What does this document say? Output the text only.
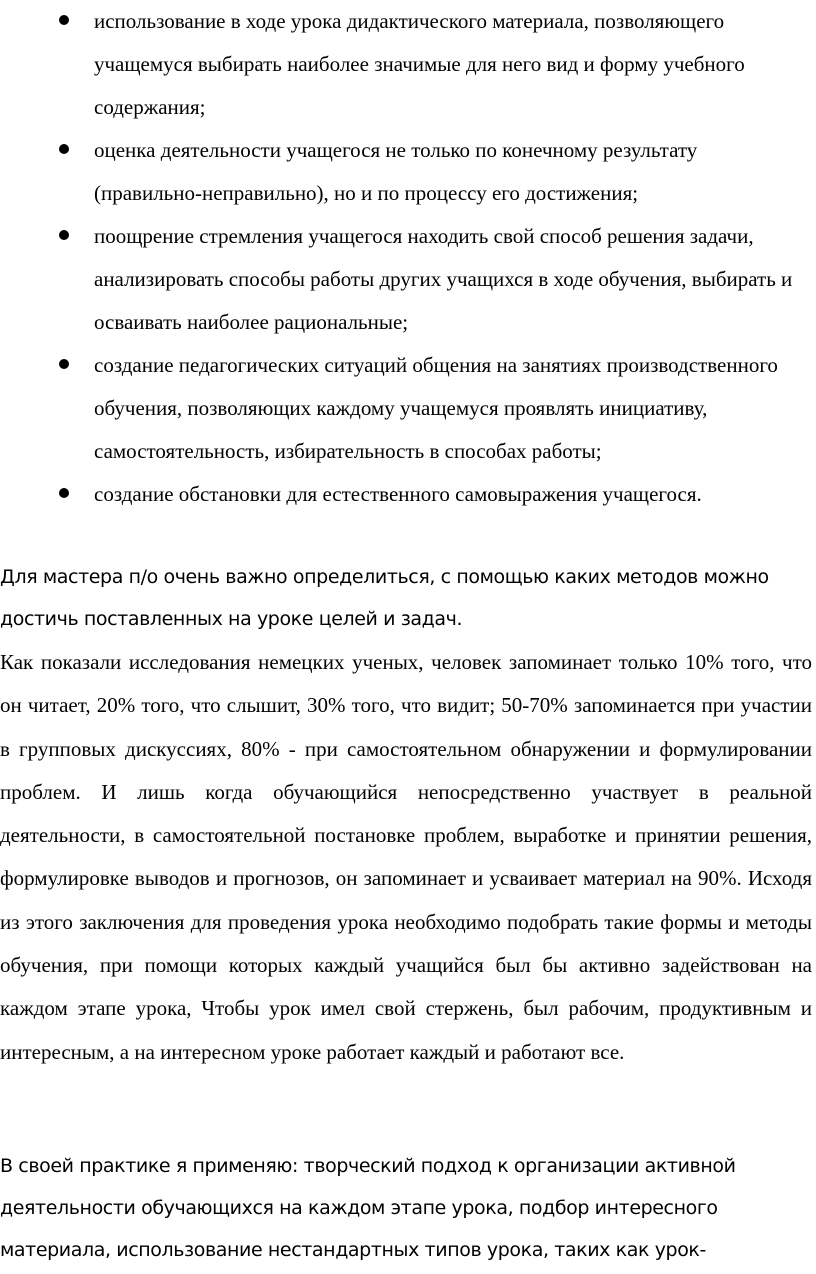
использование в ходе урока дидактического материала, позволяющего учащемуся выбирать наиболее значимые для него вид и форму учебного содержания;
оценка деятельности учащегося не только по конечному результату (правильно-неправильно), но и по процессу его достижения;
поощрение стремления учащегося находить свой способ решения задачи, анализировать способы работы других учащихся в ходе обучения, выбирать и осваивать наиболее рациональные;
создание педагогических ситуаций общения на занятиях производственного обучения, позволяющих каждому учащемуся проявлять инициативу, самостоятельность, избирательность в способах работы;
создание обстановки для естественного самовыражения учащегося.

Для мастера п/о очень важно определиться, с помощью каких методов можно достичь поставленных на уроке целей и задач.

Как показали исследования немецких ученых, человек запоминает только 10% того, что он читает, 20% того, что слышит, 30% того, что видит; 50-70% запоминается при участии в групповых дискуссиях, 80% - при самостоятельном обнаружении и формулировании проблем. И лишь когда обучающийся непосредственно участвует в реальной деятельности, в самостоятельной постановке проблем, выработке и принятии решения, формулировке выводов и прогнозов, он запоминает и усваивает материал на 90%. Исходя из этого заключения для проведения урока необходимо подобрать такие формы и методы обучения, при помощи которых каждый учащийся был бы активно задействован на каждом этапе урока, Чтобы урок имел свой стержень, был рабочим, продуктивным и интересным, а на интересном уроке работает каждый и работают все.

В своей практике я применяю: творческий подход к организации активной деятельности обучающихся на каждом этапе урока, подбор интересного материала, использование нестандартных типов урока, таких как урок-
